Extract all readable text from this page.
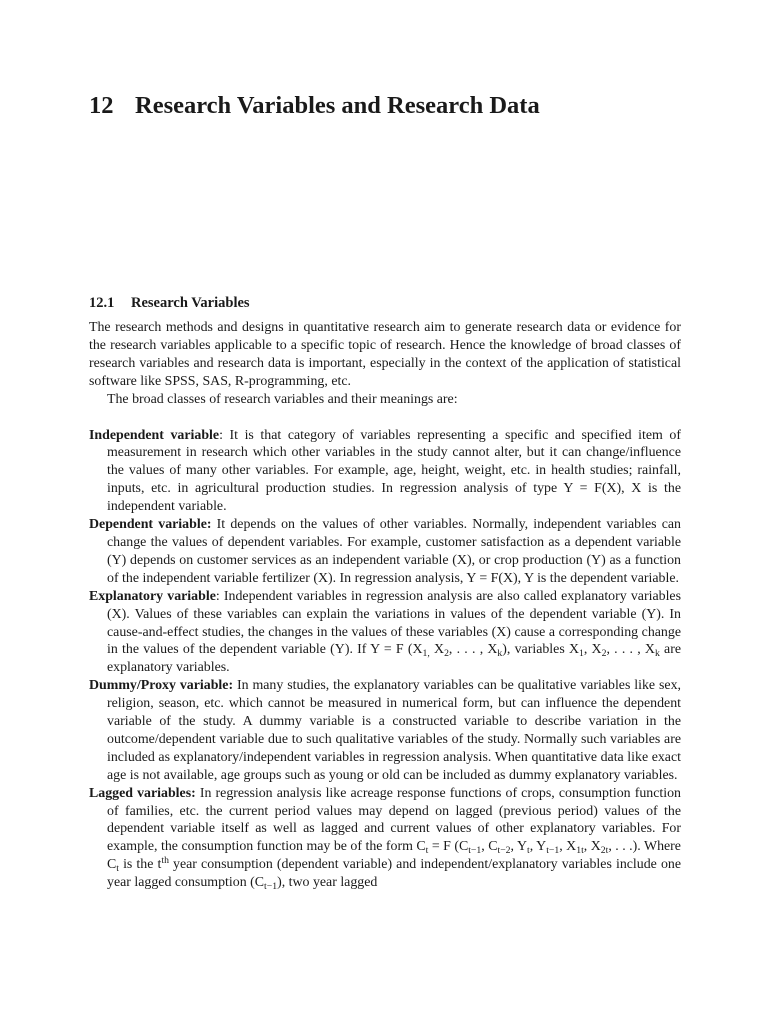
12 Research Variables and Research Data
12.1 Research Variables

The research methods and designs in quantitative research aim to generate research data or evidence for the research variables applicable to a specific topic of research. Hence the knowledge of broad classes of research variables and research data is important, especially in the context of the application of statistical software like SPSS, SAS, R-programming, etc.

The broad classes of research variables and their meanings are:

Independent variable: It is that category of variables representing a specific and specified item of measurement in research which other variables in the study cannot alter, but it can change/influence the values of many other variables. For example, age, height, weight, etc. in health studies; rainfall, inputs, etc. in agricultural production studies. In regression analysis of type Y = F(X), X is the independent variable.

Dependent variable: It depends on the values of other variables. Normally, independent variables can change the values of dependent variables. For example, customer satisfaction as a dependent variable (Y) depends on customer services as an independent variable (X), or crop production (Y) as a function of the independent variable fertilizer (X). In regression analysis, Y = F(X), Y is the dependent variable.

Explanatory variable: Independent variables in regression analysis are also called explanatory variables (X). Values of these variables can explain the variations in values of the dependent variable (Y). In cause-and-effect studies, the changes in the values of these variables (X) cause a corresponding change in the values of the dependent variable (Y). If Y = F ($X_{1,}$ $X_2$, . . . , $X_k$), variables $X_1$, $X_2$, . . . , $X_k$ are explanatory variables.

Dummy/Proxy variable: In many studies, the explanatory variables can be qualitative variables like sex, religion, season, etc. which cannot be measured in numerical form, but can influence the dependent variable of the study. A dummy variable is a constructed variable to describe variation in the outcome/dependent variable due to such qualitative variables of the study. Normally such variables are included as explanatory/independent variables in regression analysis. When quantitative data like exact age is not available, age groups such as young or old can be included as dummy explanatory variables.

Lagged variables: In regression analysis like acreage response functions of crops, consumption function of families, etc. the current period values may depend on lagged (previous period) values of the dependent variable itself as well as lagged and current values of other explanatory variables. For example, the consumption function may be of the form $C_t = F$ ($C_{t-1}$, $C_{t-2}$, $Y_t$, $Y_{t-1}$, $X_{1t}$, $X_{2t}$, . . .). Where $C_t$ is the $t^{th}$ year consumption (dependent variable) and independent/explanatory variables include one year lagged consumption $(C_{t-1})$, two year lagged
